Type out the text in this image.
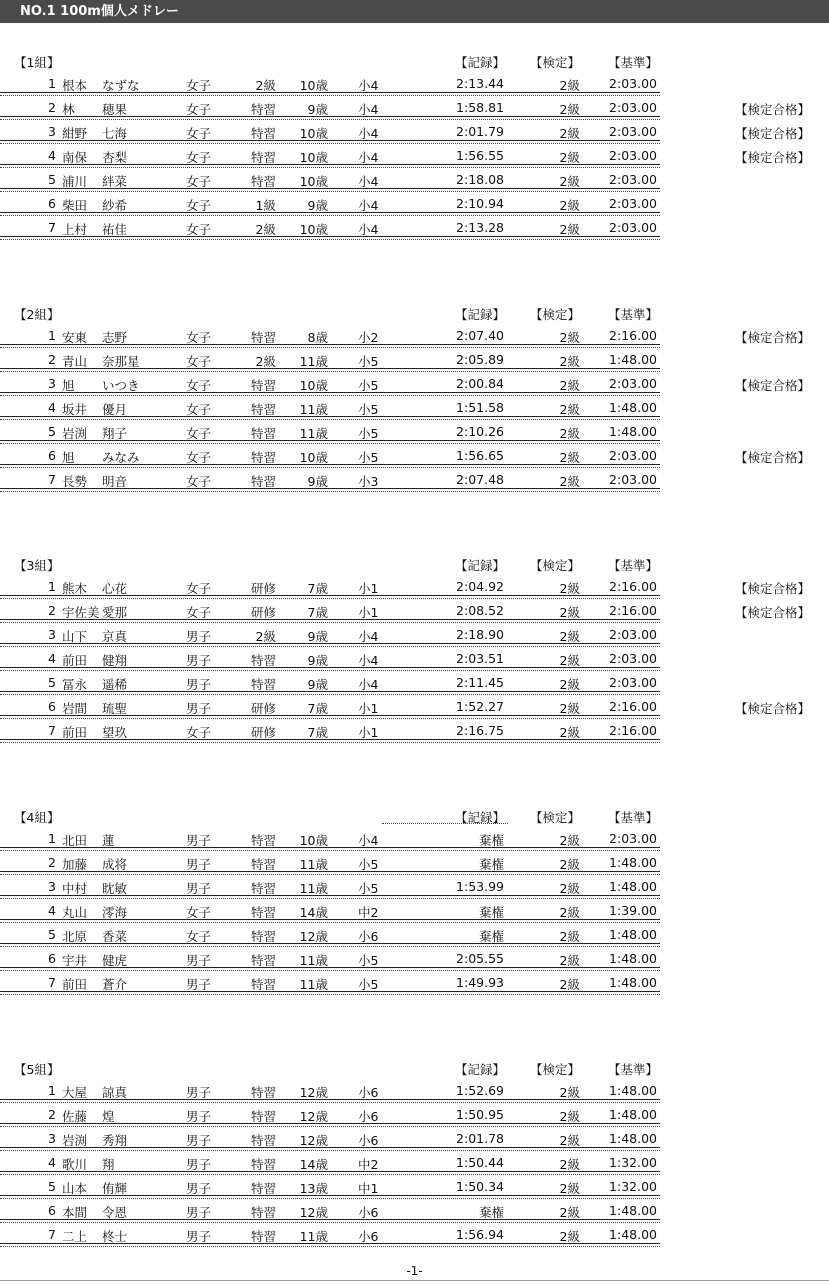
NO.1 100m個人メドレー
【1組】	【記録】 【検定】 【基準】
1 根本 なずな	女子	2級	10歳 小4	2:13.44	2級	2:03.00
2 林 穂果	女子	特習	9歳 小4	1:58.81	2級	2:03.00	【検定合格】
3 紺野 七海	女子	特習	10歳 小4	2:01.79	2級	2:03.00	【検定合格】
4 南保 杏梨	女子	特習	10歳 小4	1:56.55	2級	2:03.00	【検定合格】
5 浦川 絆菜	女子	特習	10歳 小4	2:18.08	2級	2:03.00
6 柴田 紗希	女子	1級	9歳 小4	2:10.94	2級	2:03.00
7 上村 祐佳	女子	2級	10歳 小4	2:13.28	2級	2:03.00
【2組】	【記録】 【検定】 【基準】
1 安東 志野	女子	特習	8歳 小2	2:07.40	2級	2:16.00	【検定合格】
2 青山 奈那星	女子	2級	11歳 小5	2:05.89	2級	1:48.00
3 旭 いつき	女子	特習	10歳 小5	2:00.84	2級	2:03.00	【検定合格】
4 坂井 優月	女子	特習	11歳 小5	1:51.58	2級	1:48.00
5 岩渕 翔子	女子	特習	11歳 小5	2:10.26	2級	1:48.00
6 旭 みなみ	女子	特習	10歳 小5	1:56.65	2級	2:03.00	【検定合格】
7 長勢 明音	女子	特習	9歳 小3	2:07.48	2級	2:03.00
【3組】	【記録】 【検定】 【基準】
1 熊木 心花	女子	研修	7歳 小1	2:04.92	2級	2:16.00	【検定合格】
2 宇佐美 愛那	女子	研修	7歳 小1	2:08.52	2級	2:16.00	【検定合格】
3 山下 京真	男子	2級	9歳 小4	2:18.90	2級	2:03.00
4 前田 健翔	男子	特習	9歳 小4	2:03.51	2級	2:03.00
5 冨永 遥稀	男子	特習	9歳 小4	2:11.45	2級	2:03.00
6 岩間 琉聖	男子	研修	7歳 小1	1:52.27	2級	2:16.00	【検定合格】
7 前田 望玖	女子	研修	7歳 小1	2:16.75	2級	2:16.00
【4組】	【記録】 【検定】 【基準】
1 北田 蓮	男子	特習	10歳 小4	棄権	2級	2:03.00
2 加藤 成将	男子	特習	11歳 小5	棄権	2級	1:48.00
3 中村 眈敏	男子	特習	11歳 小5	1:53.99	2級	1:48.00
4 丸山 澪海	女子	特習	14歳 中2	棄権	2級	1:39.00
5 北原 香菜	女子	特習	12歳 小6	棄権	2級	1:48.00
6 宇井 健虎	男子	特習	11歳 小5	2:05.55	2級	1:48.00
7 前田 蒼介	男子	特習	11歳 小5	1:49.93	2級	1:48.00
【5組】	【記録】 【検定】 【基準】
1 大屋 諒真	男子	特習	12歳 小6	1:52.69	2級	1:48.00
2 佐藤 煌	男子	特習	12歳 小6	1:50.95	2級	1:48.00
3 岩渕 秀翔	男子	特習	12歳 小6	2:01.78	2級	1:48.00
4 歌川 翔	男子	特習	14歳 中2	1:50.44	2級	1:32.00
5 山本 侑輝	男子	特習	13歳 中1	1:50.34	2級	1:32.00
6 本間 令恩	男子	特習	12歳 小6	棄権	2級	1:48.00
7 二上 柊士	男子	特習	11歳 小6	1:56.94	2級	1:48.00
-1-
